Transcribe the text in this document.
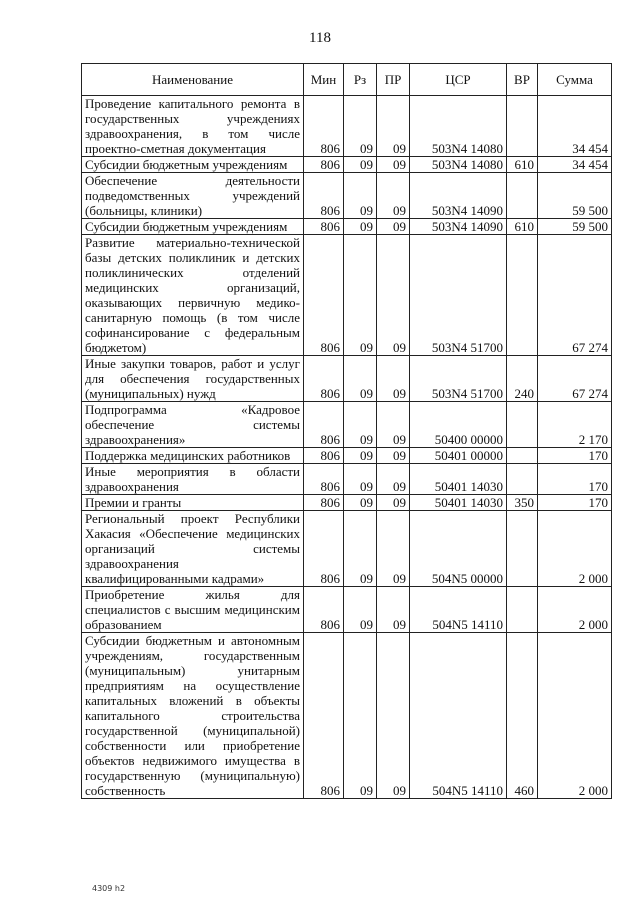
118
Наименование	Мин	Рз	ПР	ЦСР	ВР	Сумма
Проведение капитального ремонта в государственных учреждениях здравоохранения, в том числе проектно-сметная документация	806	09	09	503N4 14080		34 454
Субсидии бюджетным учреждениям	806	09	09	503N4 14080	610	34 454
Обеспечение деятельности подведомственных учреждений (больницы, клиники)	806	09	09	503N4 14090		59 500
Субсидии бюджетным учреждениям	806	09	09	503N4 14090	610	59 500
Развитие материально-технической базы детских поликлиник и детских поликлинических отделений медицинских организаций, оказывающих первичную медико-санитарную помощь (в том числе софинансирование с федеральным бюджетом)	806	09	09	503N4 51700		67 274
Иные закупки товаров, работ и услуг для обеспечения государственных (муниципальных) нужд	806	09	09	503N4 51700	240	67 274
Подпрограмма «Кадровое обеспечение системы здравоохранения»	806	09	09	50400 00000		2 170
Поддержка медицинских работников	806	09	09	50401 00000		170
Иные мероприятия в области здравоохранения	806	09	09	50401 14030		170
Премии и гранты	806	09	09	50401 14030	350	170
Региональный проект Республики Хакасия «Обеспечение медицинских организаций системы здравоохранения квалифицированными кадрами»	806	09	09	504N5 00000		2 000
Приобретение жилья для специалистов с высшим медицинским образованием	806	09	09	504N5 14110		2 000
Субсидии бюджетным и автономным учреждениям, государственным (муниципальным) унитарным предприятиям на осуществление капитальных вложений в объекты капитального строительства государственной (муниципальной) собственности или приобретение объектов недвижимого имущества в государственную (муниципальную) собственность	806	09	09	504N5 14110	460	2 000
4309 h2
